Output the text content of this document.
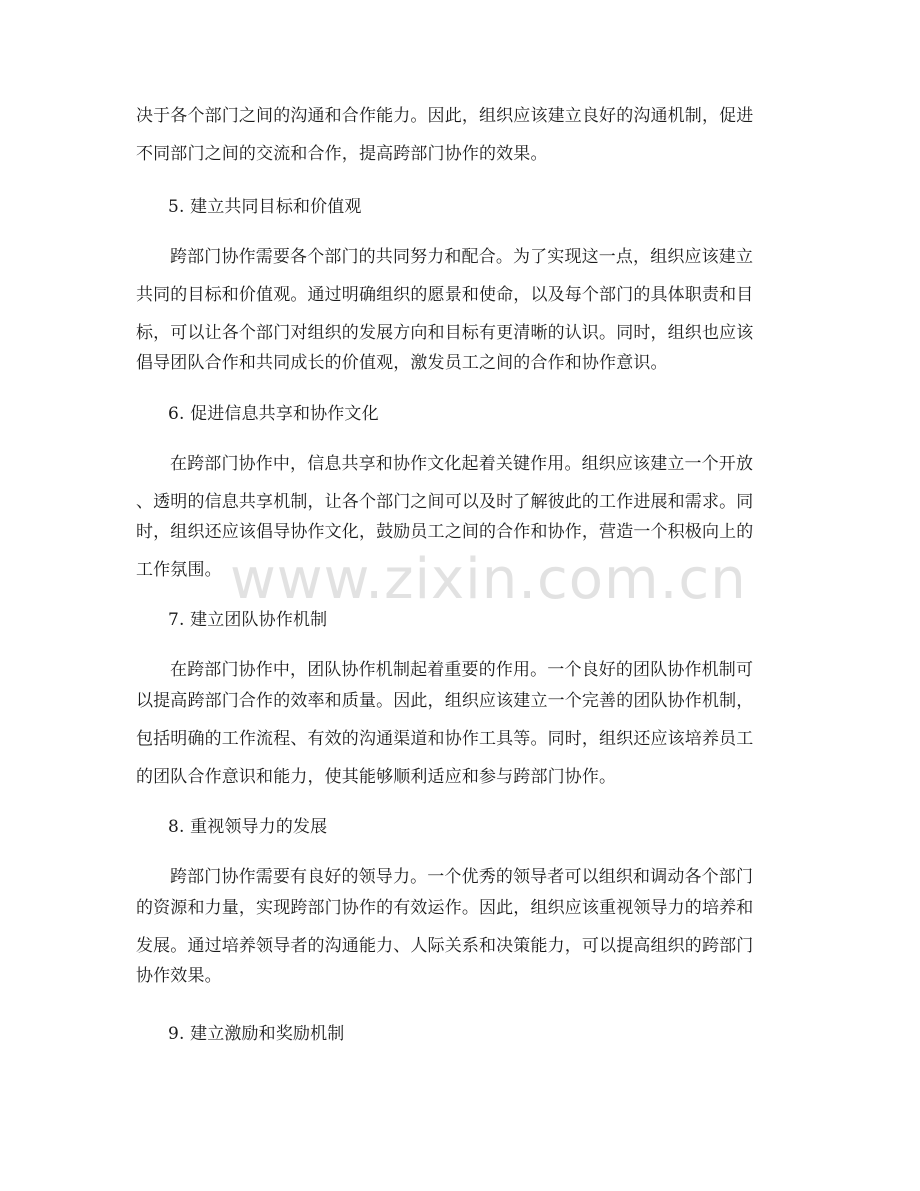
决于各个部门之间的沟通和合作能力。因此，组织应该建立良好的沟通机制，促进
不同部门之间的交流和合作，提高跨部门协作的效果。
5. 建立共同目标和价值观
跨部门协作需要各个部门的共同努力和配合。为了实现这一点，组织应该建立
共同的目标和价值观。通过明确组织的愿景和使命，以及每个部门的具体职责和目
标，可以让各个部门对组织的发展方向和目标有更清晰的认识。同时，组织也应该
倡导团队合作和共同成长的价值观，激发员工之间的合作和协作意识。
6. 促进信息共享和协作文化
在跨部门协作中，信息共享和协作文化起着关键作用。组织应该建立一个开放
、透明的信息共享机制，让各个部门之间可以及时了解彼此的工作进展和需求。同
时，组织还应该倡导协作文化，鼓励员工之间的合作和协作，营造一个积极向上的
工作氛围。
7. 建立团队协作机制
在跨部门协作中，团队协作机制起着重要的作用。一个良好的团队协作机制可
以提高跨部门合作的效率和质量。因此，组织应该建立一个完善的团队协作机制，
包括明确的工作流程、有效的沟通渠道和协作工具等。同时，组织还应该培养员工
的团队合作意识和能力，使其能够顺利适应和参与跨部门协作。
8. 重视领导力的发展
跨部门协作需要有良好的领导力。一个优秀的领导者可以组织和调动各个部门
的资源和力量，实现跨部门协作的有效运作。因此，组织应该重视领导力的培养和
发展。通过培养领导者的沟通能力、人际关系和决策能力，可以提高组织的跨部门
协作效果。
9. 建立激励和奖励机制
www.zixin.com.cn
